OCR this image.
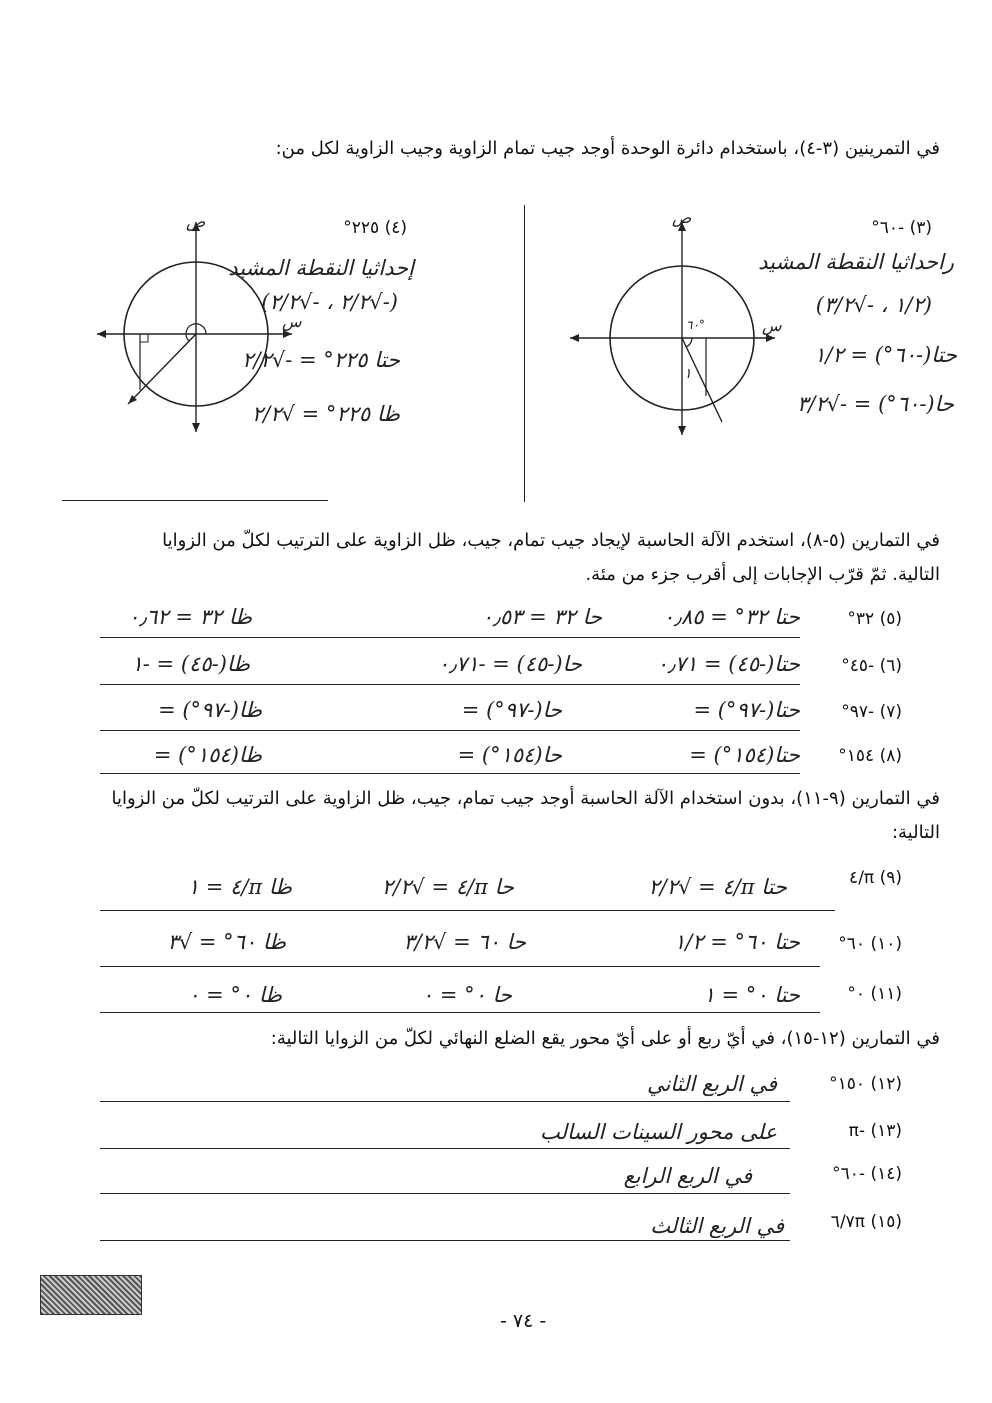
في التمرينين (٣-٤)، باستخدام دائرة الوحدة أوجد جيب تمام الزاوية وجيب الزاوية لكل من:
(٣) -٦٠°
راحداثيا النقطة المشيد
(١/٢ ، -√٣/٢)
حتا(-٦٠°) = ١/٢
حا(-٦٠°) = -√٣/٢
ص
س
٦٠°
١
(٤) ٢٢٥°
إحداثيا النقطة المشيد
(-√٢/٢ ، -√٢/٢)
حتا ٢٢٥° = -√٢/٢
ظا ٢٢٥° = √٢/٢
ص
س
في التمارين (٥-٨)، استخدم الآلة الحاسبة لإيجاد جيب تمام، جيب، ظل الزاوية على الترتيب لكلّ من الزوايا
التالية. ثمّ قرّب الإجابات إلى أقرب جزء من مئة.
(٥) ٣٢°
حتا ٣٢° = ٠٫٨٥
حا ٣٢ = ٠٫٥٣
ظا ٣٢ = ٠٫٦٢
(٦) -٤٥°
حتا(-٤٥) = ٠٫٧١
حا(-٤٥) = -٠٫٧١
ظا(-٤٥) = -١
(٧) -٩٧°
حتا(-٩٧°) =
حا(-٩٧°) =
ظا(-٩٧°) =
(٨) ١٥٤°
حتا(١٥٤°) =
حا(١٥٤°) =
ظا(١٥٤°) =
في التمارين (٩-١١)، بدون استخدام الآلة الحاسبة أوجد جيب تمام، جيب، ظل الزاوية على الترتيب لكلّ من الزوايا
التالية:
(٩) π/٤
حتا π/٤ = √٢/٢
حا π/٤ = √٢/٢
ظا π/٤ = ١
(١٠) ٦٠°
حتا ٦٠° = ١/٢
حا ٦٠ = √٣/٢
ظا ٦٠° = √٣
(١١) ٠°
حتا ٠° = ١
حا ٠° = ٠
ظا ٠° = ٠
في التمارين (١٢-١٥)، في أيّ ربع أو على أيّ محور يقع الضلع النهائي لكلّ من الزوايا التالية:
(١٢) ١٥٠°
في الربع الثاني
(١٣) -π
على محور السينات السالب
(١٤) -٦٠°
في الربع الرابع
(١٥) ٧π/٦
في الربع الثالث
- ٧٤ -
